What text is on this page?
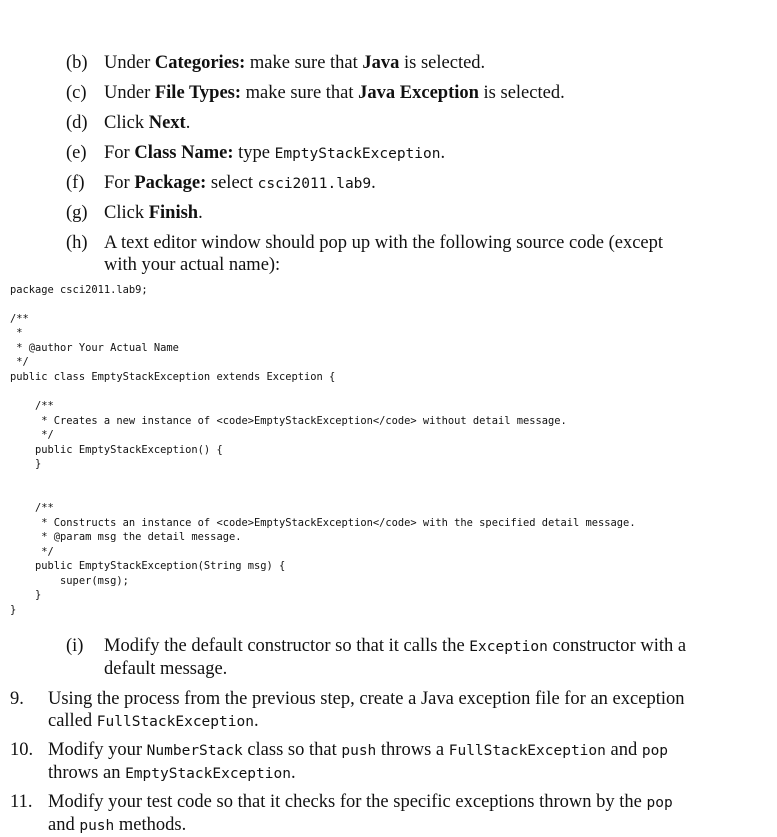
(b) Under Categories: make sure that Java is selected.
(c) Under File Types: make sure that Java Exception is selected.
(d) Click Next.
(e) For Class Name: type EmptyStackException.
(f)	For Package: select csci2011.lab9.
(g) Click Finish.
(h) A text editor window should pop up with the following source code (except
with your actual name):
package csci2011.lab9;
/**
*
* @author Your Actual Name
*/
public class EmptyStackException extends Exception {
/**
* Creates a new instance of <code>EmptyStackException</code> without detail message.
*/
public EmptyStackException() {
}
/**
* Constructs an instance of <code>EmptyStackException</code> with the specified detail message.
* @param msg the detail message.
*/
public EmptyStackException(String msg) {
super(msg);
}
}
(i)	Modify the default constructor so that it calls the Exception constructor with a
default message.
9.	Using the process from the previous step, create a Java exception file for an exception
called FullStackException.
10. Modify your NumberStack class so that push throws a FullStackException and pop
throws an EmptyStackException.
11. Modify your test code so that it checks for the specific exceptions thrown by the pop
and push methods.
